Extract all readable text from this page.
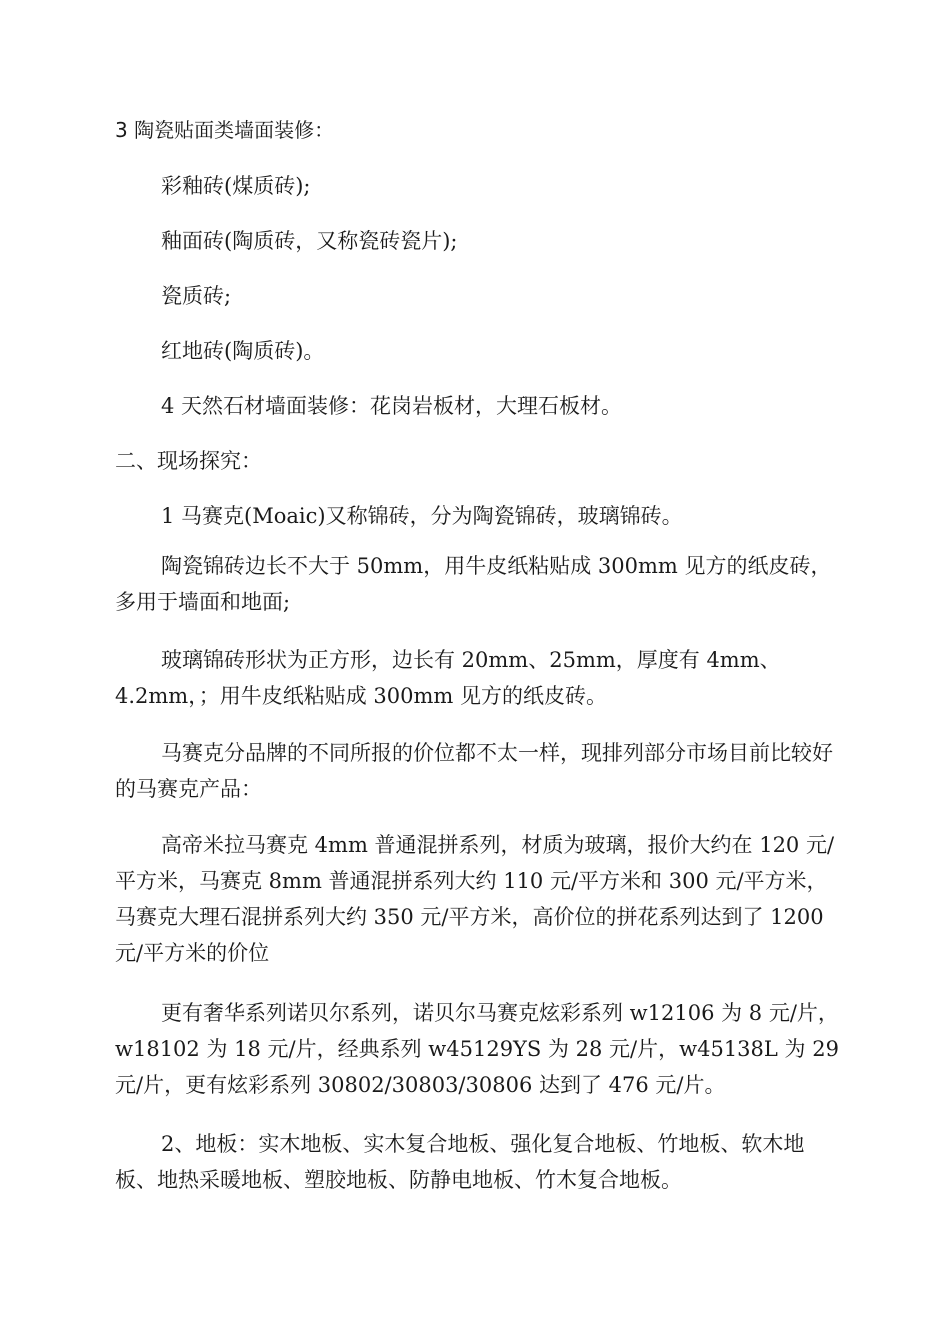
3 陶瓷贴面类墙面装修：

彩釉砖(煤质砖);

釉面砖(陶质砖，又称瓷砖瓷片);

瓷质砖;

红地砖(陶质砖)。

4 天然石材墙面装修：花岗岩板材，大理石板材。

二、现场探究：

1 马赛克(Moaic)又称锦砖，分为陶瓷锦砖，玻璃锦砖。

陶瓷锦砖边长不大于 50mm，用牛皮纸粘贴成 300mm 见方的纸皮砖，多用于墙面和地面;

玻璃锦砖形状为正方形，边长有 20mm、25mm，厚度有 4mm、4.2mm，；用牛皮纸粘贴成 300mm 见方的纸皮砖。

马赛克分品牌的不同所报的价位都不太一样，现排列部分市场目前比较好的马赛克产品：

高帝米拉马赛克 4mm 普通混拼系列，材质为玻璃，报价大约在 120 元/平方米，马赛克 8mm 普通混拼系列大约 110 元/平方米和 300 元/平方米，马赛克大理石混拼系列大约 350 元/平方米，高价位的拼花系列达到了 1200 元/平方米的价位

更有奢华系列诺贝尔系列，诺贝尔马赛克炫彩系列 w12106 为 8 元/片，w18102 为 18 元/片，经典系列 w45129YS 为 28 元/片，w45138L 为 29 元/片，更有炫彩系列 30802/30803/30806 达到了 476 元/片。

2、地板：实木地板、实木复合地板、强化复合地板、竹地板、软木地板、地热采暖地板、塑胶地板、防静电地板、竹木复合地板。
